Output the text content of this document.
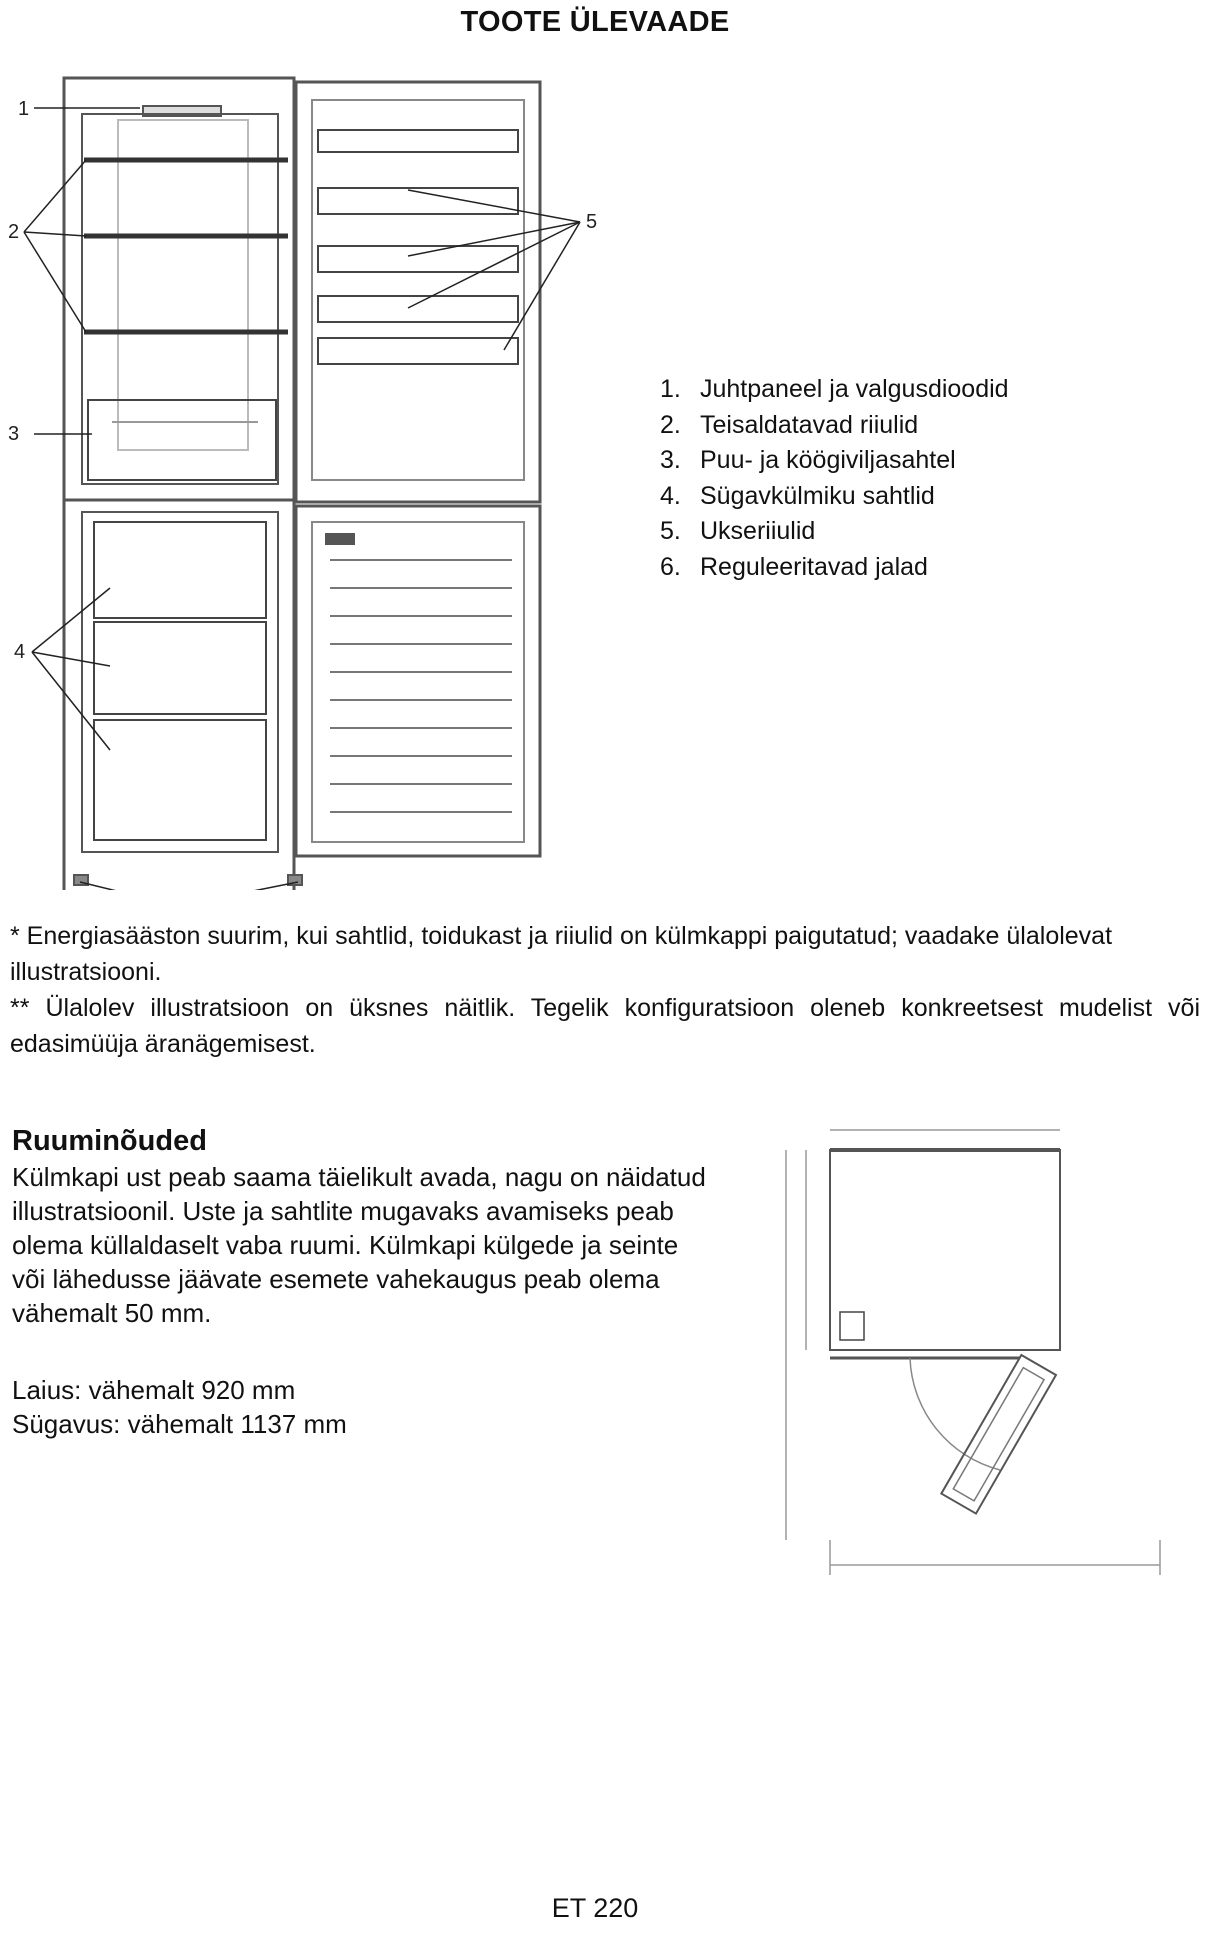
TOOTE ÜLEVAADE
1
2
3
4
5
1. Juhtpaneel ja valgusdioodid
2. Teisaldatavad riiulid
3. Puu- ja köögiviljasahtel
4. Sügavkülmiku sahtlid
5. Ukseriiulid
6. Reguleeritavad jalad

* Energiasääston suurim, kui sahtlid, toidukast ja riiulid on külmkappi paigutatud; vaadake ülalolevat illustratsiooni.

** Ülalolev illustratsioon on üksnes näitlik. Tegelik konfiguratsioon oleneb konkreetsest mudelist või edasimüüja äranägemisest.

Ruuminõuded

Külmkapi ust peab saama täielikult avada, nagu on näidatud illustratsioonil. Uste ja sahtlite mugavaks avamiseks peab olema küllaldaselt vaba ruumi. Külmkapi külgede ja seinte või lähedusse jäävate esemete vahekaugus peab olema vähemalt 50 mm.

Laius: vähemalt 920 mm

Sügavus: vähemalt 1137 mm

ET 220
